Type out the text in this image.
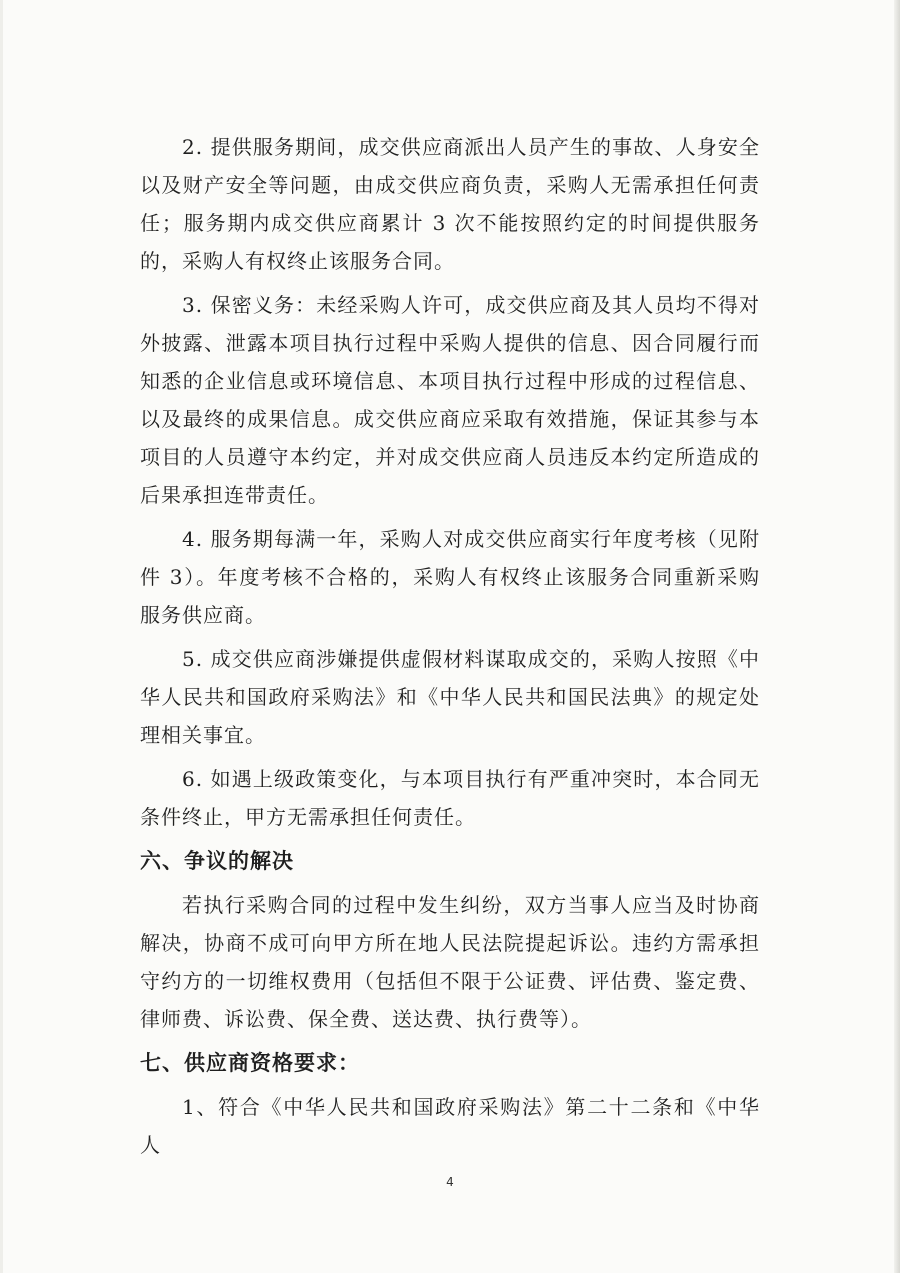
2. 提供服务期间，成交供应商派出人员产生的事故、人身安全以及财产安全等问题，由成交供应商负责，采购人无需承担任何责任；服务期内成交供应商累计 3 次不能按照约定的时间提供服务的，采购人有权终止该服务合同。

3. 保密义务：未经采购人许可，成交供应商及其人员均不得对外披露、泄露本项目执行过程中采购人提供的信息、因合同履行而知悉的企业信息或环境信息、本项目执行过程中形成的过程信息、以及最终的成果信息。成交供应商应采取有效措施，保证其参与本项目的人员遵守本约定，并对成交供应商人员违反本约定所造成的后果承担连带责任。

4. 服务期每满一年，采购人对成交供应商实行年度考核（见附件 3）。年度考核不合格的，采购人有权终止该服务合同重新采购服务供应商。

5. 成交供应商涉嫌提供虚假材料谋取成交的，采购人按照《中华人民共和国政府采购法》和《中华人民共和国民法典》的规定处理相关事宜。

6. 如遇上级政策变化，与本项目执行有严重冲突时，本合同无条件终止，甲方无需承担任何责任。

六、争议的解决

若执行采购合同的过程中发生纠纷，双方当事人应当及时协商解决，协商不成可向甲方所在地人民法院提起诉讼。违约方需承担守约方的一切维权费用（包括但不限于公证费、评估费、鉴定费、律师费、诉讼费、保全费、送达费、执行费等）。

七、供应商资格要求：

1、符合《中华人民共和国政府采购法》第二十二条和《中华人

4
